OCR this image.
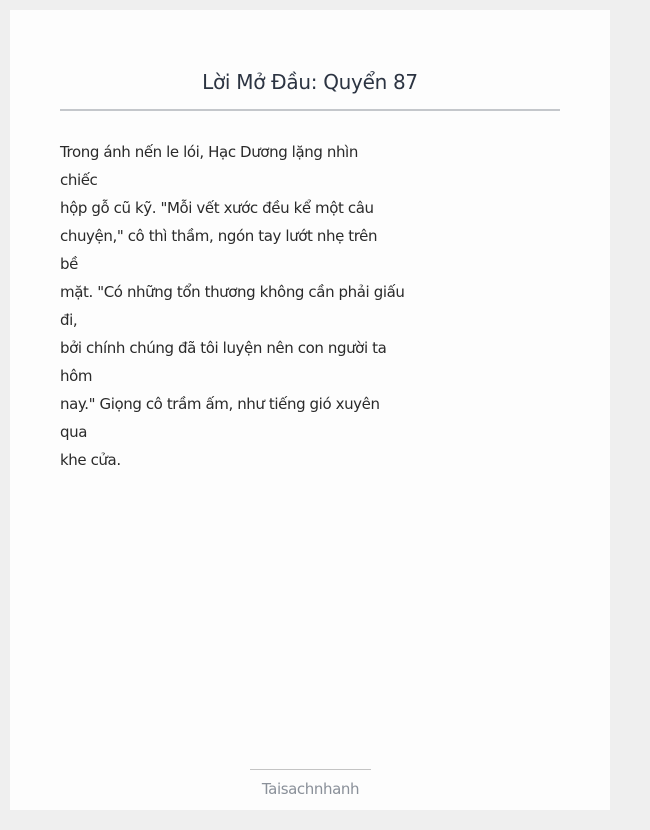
Lời Mở Đầu: Quyển 87
Trong ánh nến le lói, Hạc Dương lặng nhìn
chiếc
hộp gỗ cũ kỹ. "Mỗi vết xước đều kể một câu
chuyện," cô thì thầm, ngón tay lướt nhẹ trên
bề
mặt. "Có những tổn thương không cần phải giấu
đi,
bởi chính chúng đã tôi luyện nên con người ta
hôm
nay." Giọng cô trầm ấm, như tiếng gió xuyên
qua
khe cửa.
Taisachnhanh
